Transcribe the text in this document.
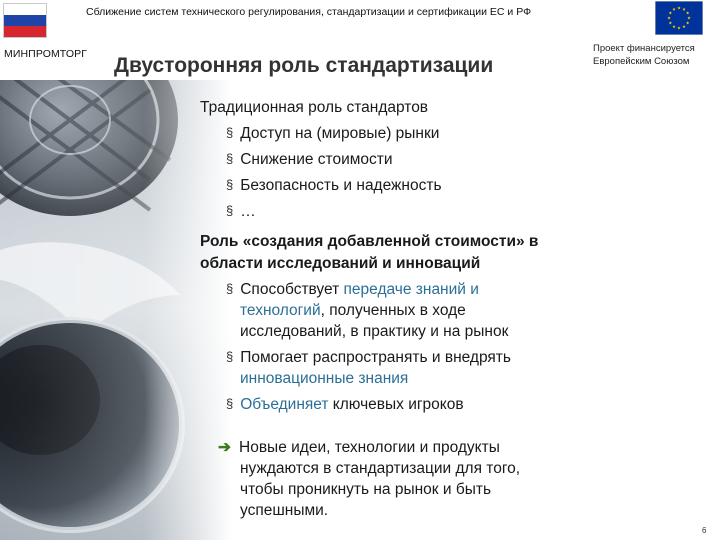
Сближение систем технического регулирования, стандартизации и сертификации ЕС и РФ
МИНПРОМТОРГ Двусторонняя роль стандартизации
Проект финансируется Европейским Союзом
Традиционная роль стандартов
§ Доступ на (мировые) рынки
§ Снижение стоимости
§ Безопасность и надежность
§ …
Роль «создания добавленной стоимости» в
области исследований и инноваций
§ Способствует передаче знаний и
технологий, полученных в ходе
исследований, в практику и на рынок
§ Помогает распространять и внедрять
инновационные знания
§ Объединяет ключевых игроков
➔ Новые идеи, технологии и продукты
нуждаются в стандартизации для того,
чтобы проникнуть на рынок и быть
успешными.
6
